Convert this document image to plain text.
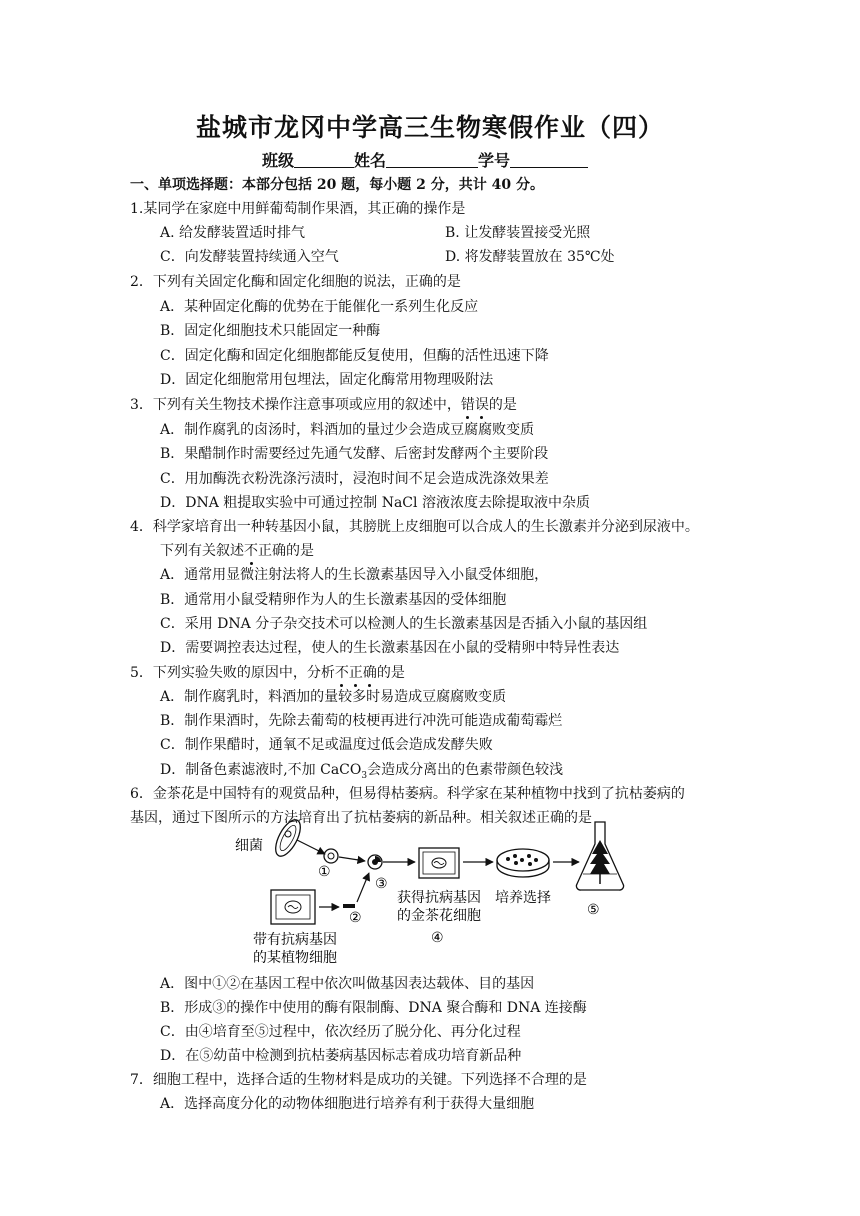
盐城市龙冈中学高三生物寒假作业（四）
班级	姓名	学号
一、单项选择题：本部分包括 20 题，每小题 2 分，共计 40 分。
1.某同学在家庭中用鲜葡萄制作果酒，其正确的操作是
A. 给发酵装置适时排气	B. 让发酵装置接受光照
C．向发酵装置持续通入空气	D. 将发酵装置放在 35℃处
2．下列有关固定化酶和固定化细胞的说法，正确的是
A．某种固定化酶的优势在于能催化一系列生化反应
B．固定化细胞技术只能固定一种酶
C．固定化酶和固定化细胞都能反复使用，但酶的活性迅速下降
D．固定化细胞常用包埋法，固定化酶常用物理吸附法
3．下列有关生物技术操作注意事项或应用的叙述中，错误的是
A．制作腐乳的卤汤时，料酒加的量过少会造成豆腐腐败变质
B．果醋制作时需要经过先通气发酵、后密封发酵两个主要阶段
C．用加酶洗衣粉洗涤污渍时，浸泡时间不足会造成洗涤效果差
D．DNA 粗提取实验中可通过控制 NaCl 溶液浓度去除提取液中杂质
4．科学家培育出一种转基因小鼠，其膀胱上皮细胞可以合成人的生长激素并分泌到尿液中。
下列有关叙述不正确的是
A．通常用显微注射法将人的生长激素基因导入小鼠受体细胞，
B．通常用小鼠受精卵作为人的生长激素基因的受体细胞
C．采用 DNA 分子杂交技术可以检测人的生长激素基因是否插入小鼠的基因组
D．需要调控表达过程，使人的生长激素基因在小鼠的受精卵中特异性表达
5．下列实验失败的原因中，分析不正确的是
A．制作腐乳时，料酒加的量较多时易造成豆腐腐败变质
B．制作果酒时，先除去葡萄的枝梗再进行冲洗可能造成葡萄霉烂
C．制作果醋时，通氧不足或温度过低会造成发酵失败
D．制备色素滤液时,不加 CaCO$_3$会造成分离出的色素带颜色较浅
6．金茶花是中国特有的观赏品种，但易得枯萎病。科学家在某种植物中找到了抗枯萎病的
基因，通过下图所示的方法培育出了抗枯萎病的新品种。相关叙述正确的是
细菌
①
③
获得抗病基因
的金茶花细胞
④
培养选择
⑤
②
带有抗病基因
的某植物细胞
A．图中①②在基因工程中依次叫做基因表达载体、目的基因
B．形成③的操作中使用的酶有限制酶、DNA 聚合酶和 DNA 连接酶
C．由④培育至⑤过程中，依次经历了脱分化、再分化过程
D．在⑤幼苗中检测到抗枯萎病基因标志着成功培育新品种
7．细胞工程中，选择合适的生物材料是成功的关键。下列选择不合理的是
A．选择高度分化的动物体细胞进行培养有利于获得大量细胞
